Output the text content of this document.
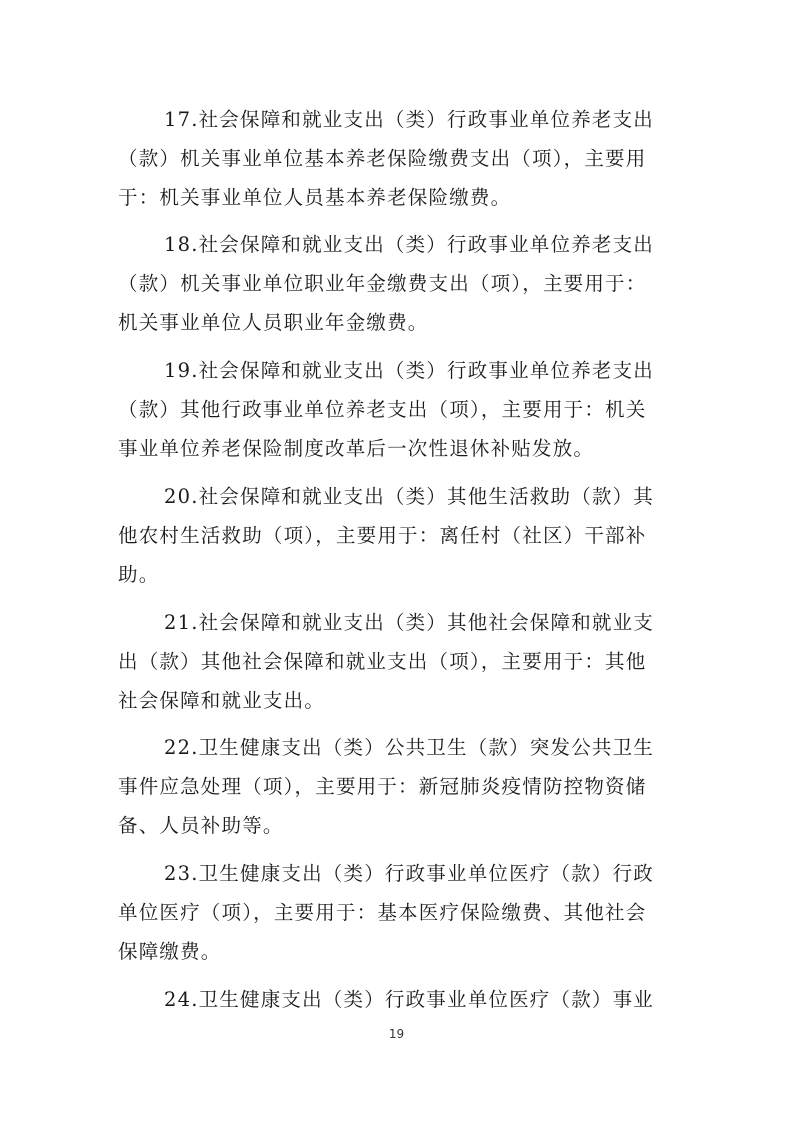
17.社会保障和就业支出（类）行政事业单位养老支出
（款）机关事业单位基本养老保险缴费支出（项），主要用
于：机关事业单位人员基本养老保险缴费。
18.社会保障和就业支出（类）行政事业单位养老支出
（款）机关事业单位职业年金缴费支出（项），主要用于：
机关事业单位人员职业年金缴费。
19.社会保障和就业支出（类）行政事业单位养老支出
（款）其他行政事业单位养老支出（项），主要用于：机关
事业单位养老保险制度改革后一次性退休补贴发放。
20.社会保障和就业支出（类）其他生活救助（款）其
他农村生活救助（项），主要用于：离任村（社区）干部补
助。
21.社会保障和就业支出（类）其他社会保障和就业支
出（款）其他社会保障和就业支出（项），主要用于：其他
社会保障和就业支出。
22.卫生健康支出（类）公共卫生（款）突发公共卫生
事件应急处理（项），主要用于：新冠肺炎疫情防控物资储
备、人员补助等。
23.卫生健康支出（类）行政事业单位医疗（款）行政
单位医疗（项），主要用于：基本医疗保险缴费、其他社会
保障缴费。
24.卫生健康支出（类）行政事业单位医疗（款）事业
19
